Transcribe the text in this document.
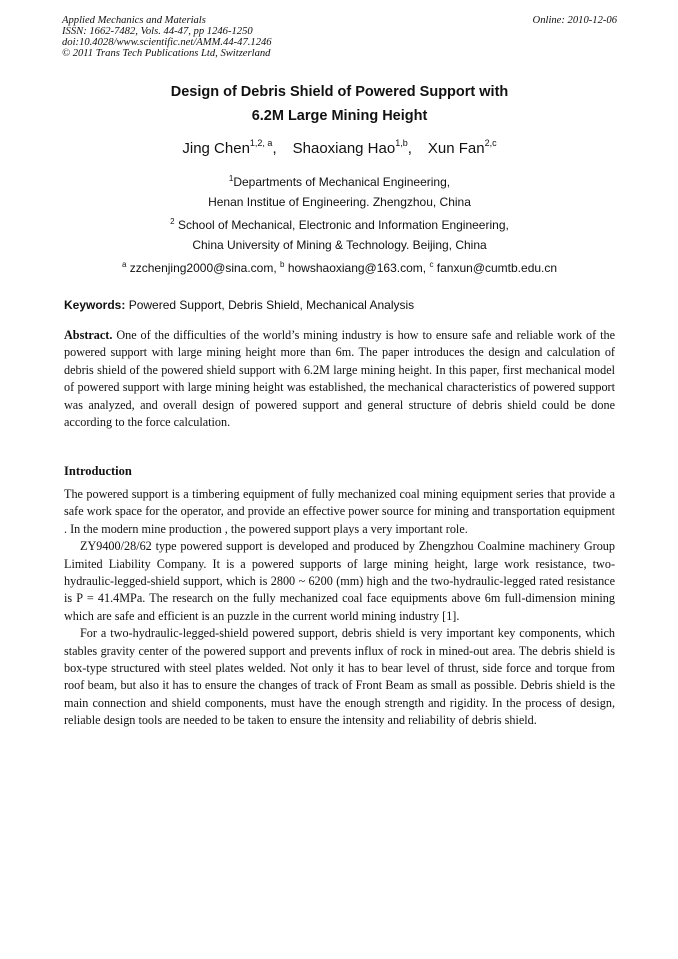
Applied Mechanics and Materials
ISSN: 1662-7482, Vols. 44-47, pp 1246-1250
doi:10.4028/www.scientific.net/AMM.44-47.1246
© 2011 Trans Tech Publications Ltd, Switzerland
Online: 2010-12-06
Design of Debris Shield of Powered Support with
6.2M Large Mining Height
Jing Chen$^{1,2, a}$, Shaoxiang Hao$^{1,b}$, Xun Fan$^{2,c}$
$^1$Departments of Mechanical Engineering,
Henan Institue of Engineering. Zhengzhou, China
$^2$ School of Mechanical, Electronic and Information Engineering,
China University of Mining & Technology. Beijing, China
$^a$ zzchenjing2000@sina.com, $^b$ howshaoxiang@163.com, $^c$ fanxun@cumtb.edu.cn
Keywords: Powered Support, Debris Shield, Mechanical Analysis
Abstract. One of the difficulties of the world’s mining industry is how to ensure safe and reliable work of the powered support with large mining height more than 6m. The paper introduces the design and calculation of debris shield of the powered shield support with 6.2M large mining height. In this paper, first mechanical model of powered support with large mining height was established, the mechanical characteristics of powered support was analyzed, and overall design of powered support and general structure of debris shield could be done according to the force calculation.
Introduction

The powered support is a timbering equipment of fully mechanized coal mining equipment series that provide a safe work space for the operator, and provide an effective power source for mining and transportation equipment . In the modern mine production , the powered support plays a very important role.

ZY9400/28/62 type powered support is developed and produced by Zhengzhou Coalmine machinery Group Limited Liability Company. It is a powered supports of large mining height, large work resistance, two-hydraulic-legged-shield support, which is 2800 ~ 6200 (mm) high and the two-hydraulic-legged rated resistance is P = 41.4MPa. The research on the fully mechanized coal face equipments above 6m full-dimension mining which are safe and efficient is an puzzle in the current world mining industry [1].

For a two-hydraulic-legged-shield powered support, debris shield is very important key components, which stables gravity center of the powered support and prevents influx of rock in mined-out area. The debris shield is box-type structured with steel plates welded. Not only it has to bear level of thrust, side force and torque from roof beam, but also it has to ensure the changes of track of Front Beam as small as possible. Debris shield is the main connection and shield components, must have the enough strength and rigidity. In the process of design, reliable design tools are needed to be taken to ensure the intensity and reliability of debris shield.
